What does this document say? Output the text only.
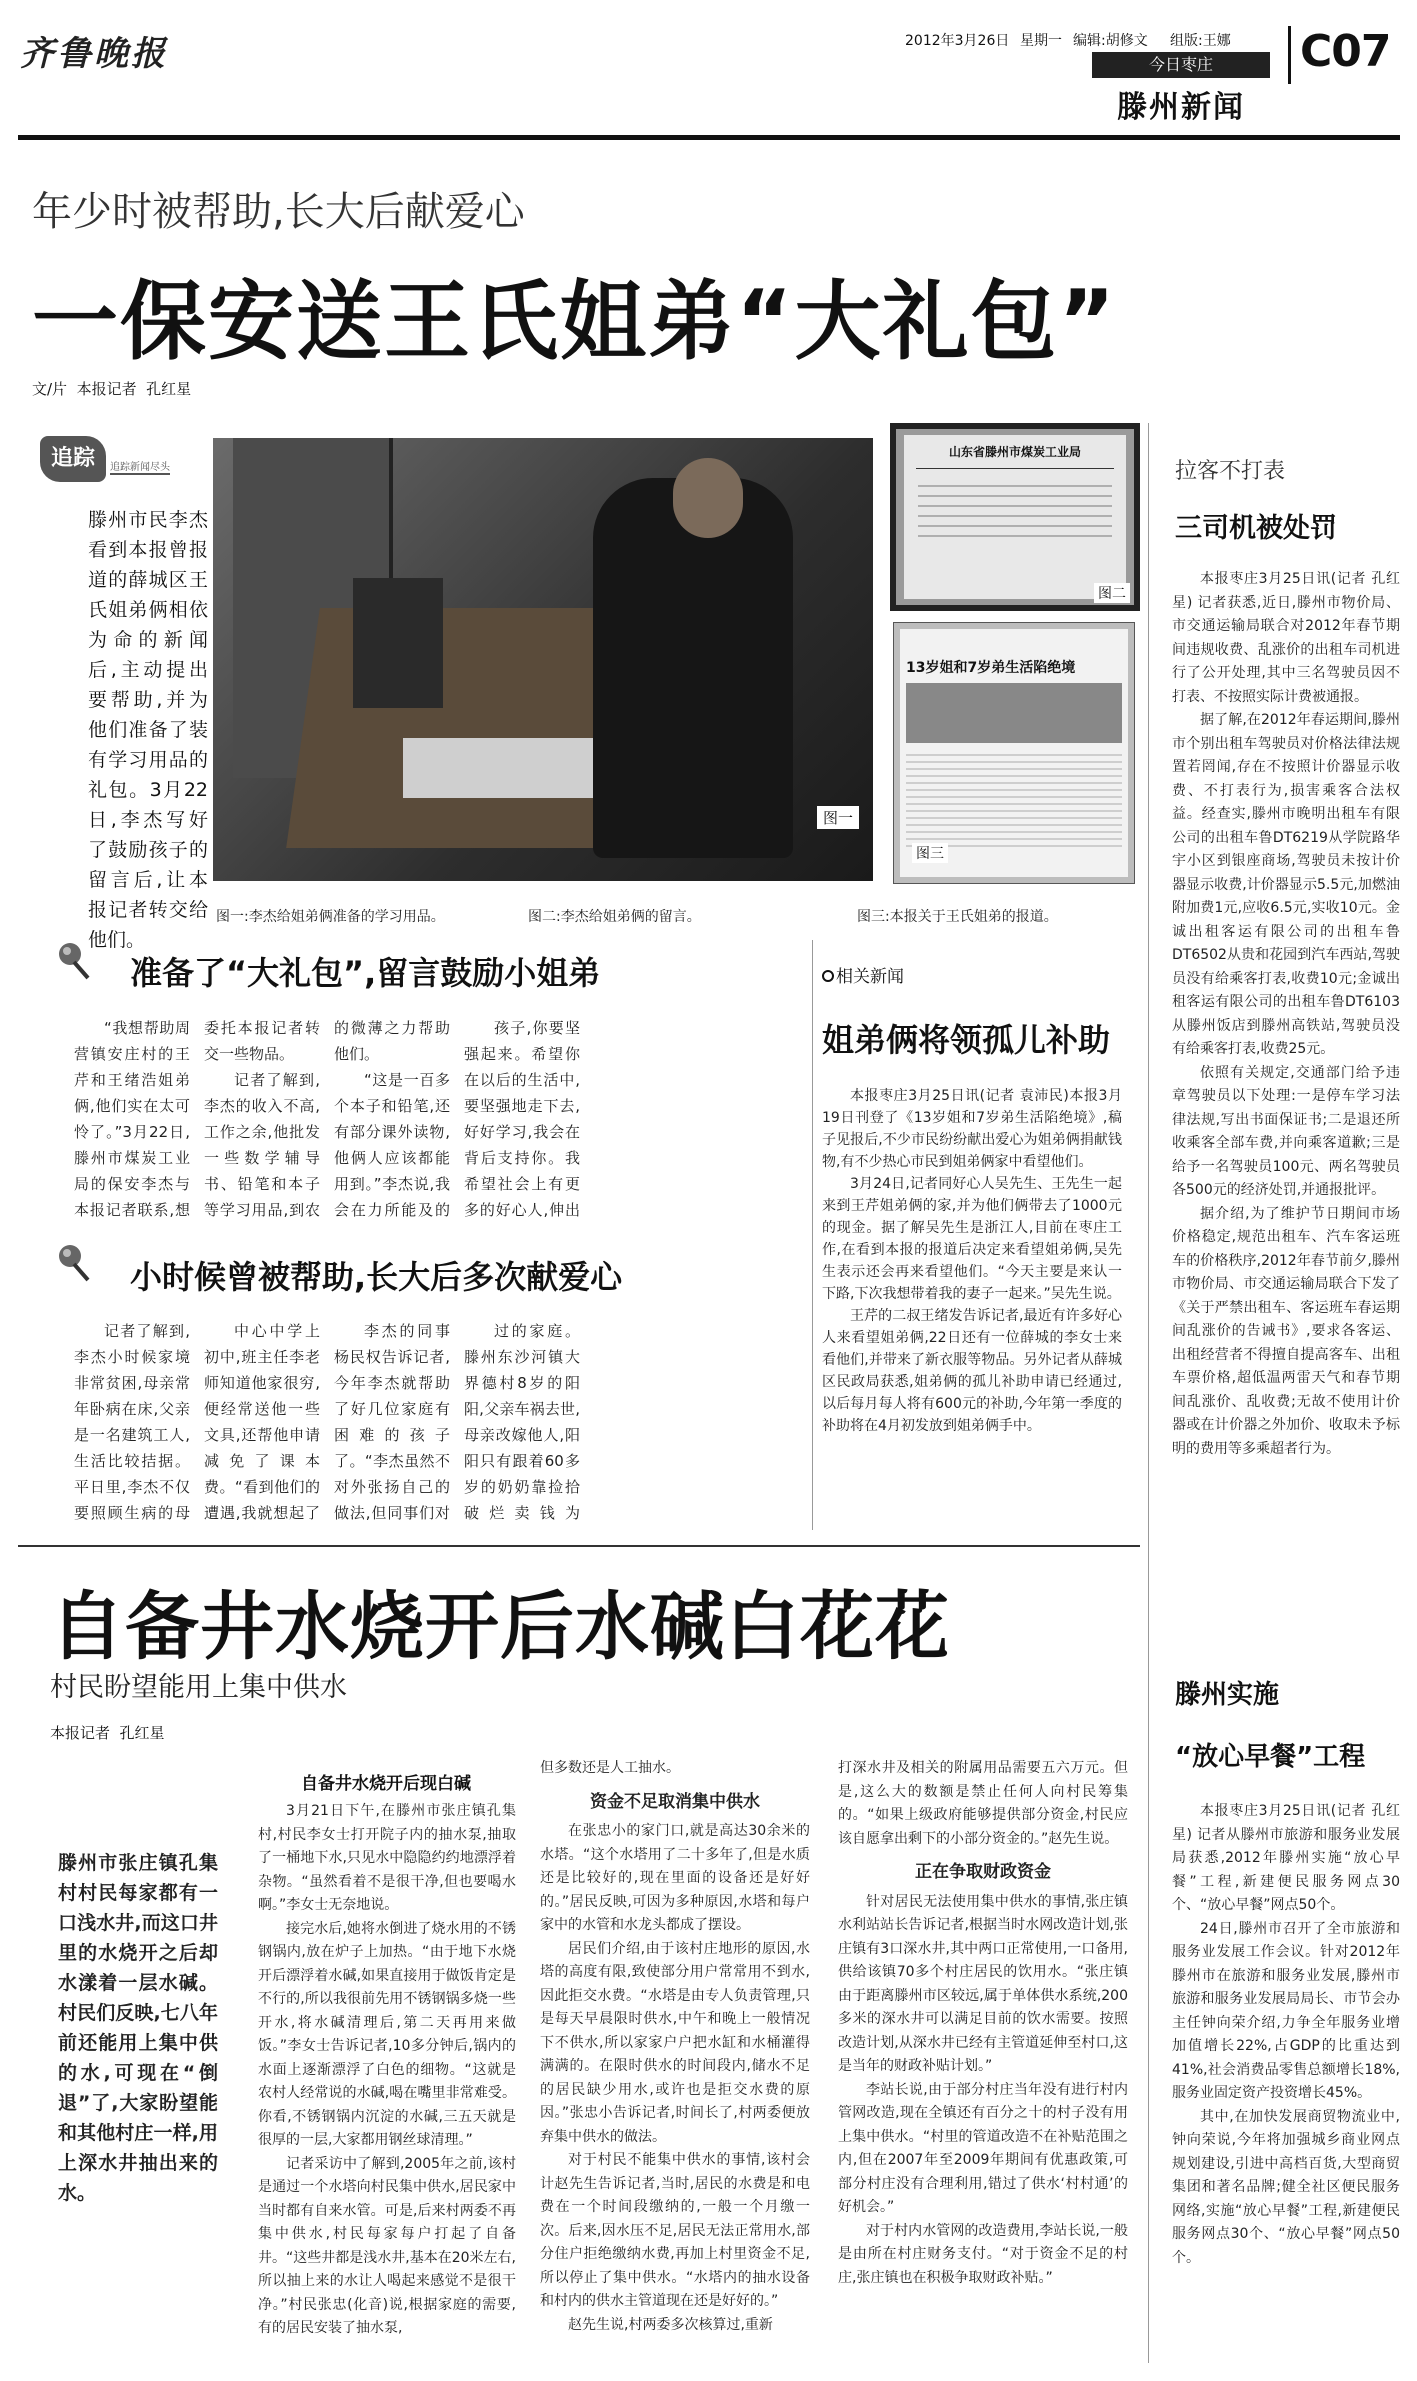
齐鲁晚报	2012年3月26日 星期一 编辑:胡修文 组版:王娜
今日枣庄
滕州新闻
C07
年少时被帮助,长大后献爱心
一保安送王氏姐弟“大礼包”
文/片  本报记者  孔红星
追踪	追踪新闻尽头
滕州市民李杰看到本报曾报道的薛城区王氏姐弟俩相依为命的新闻后,主动提出要帮助,并为他们准备了装有学习用品的礼包。3月22日,李杰写好了鼓励孩子的留言后,让本报记者转交给他们。
图一
山东省滕州市煤炭工业局
图二
13岁姐和7岁弟生活陷绝境
图三
图一:李杰给姐弟俩准备的学习用品。	图二:李杰给姐弟俩的留言。	图三:本报关于王氏姐弟的报道。
准备了“大礼包”,留言鼓励小姐弟

“我想帮助周营镇安庄村的王芹和王绪浩姐弟俩,他们实在太可怜了。”3月22日,滕州市煤炭工业局的保安李杰与本报记者联系,想

委托本报记者转交一些物品。

记者了解到,李杰的收入不高,工作之余,他批发一些数学辅导书、铅笔和本子等学习用品,到农

的微薄之力帮助他们。

“这是一百多个本子和铅笔,还有部分课外读物,他俩人应该都能用到。”李杰说,我会在力所能及的

孩子,你要坚强起来。希望你在以后的生活中,要坚强地走下去,好好学习,我会在背后支持你。我希望社会上有更多的好心人,伸出

小时候曾被帮助,长大后多次献爱心

记者了解到,李杰小时候家境非常贫困,母亲常年卧病在床,父亲是一名建筑工人,生活比较拮据。平日里,李杰不仅要照顾生病的母

中心中学上初中,班主任李老师知道他家很穷,便经常送他一些文具,还帮他申请减免了课本费。“看到他们的遭遇,我就想起了

李杰的同事杨民权告诉记者,今年李杰就帮助了好几位家庭有困难的孩子了。“李杰虽然不对外张扬自己的做法,但同事们对

过的家庭。滕州东沙河镇大界德村8岁的阳阳,父亲车祸去世,母亲改嫁他人,阳阳只有跟着60多岁的奶奶靠捡拾破烂卖钱为

相关新闻
姐弟俩将领孤儿补助

本报枣庄3月25日讯(记者 袁沛民)本报3月19日刊登了《13岁姐和7岁弟生活陷绝境》,稿子见报后,不少市民纷纷献出爱心为姐弟俩捐献钱物,有不少热心市民到姐弟俩家中看望他们。

3月24日,记者同好心人吴先生、王先生一起来到王芹姐弟俩的家,并为他们俩带去了1000元的现金。据了解吴先生是浙江人,目前在枣庄工作,在看到本报的报道后决定来看望姐弟俩,吴先生表示还会再来看望他们。“今天主要是来认一下路,下次我想带着我的妻子一起来。”吴先生说。

王芹的二叔王绪发告诉记者,最近有许多好心人来看望姐弟俩,22日还有一位薛城的李女士来看他们,并带来了新衣服等物品。另外记者从薛城区民政局获悉,姐弟俩的孤儿补助申请已经通过,以后每月每人将有600元的补助,今年第一季度的补助将在4月初发放到姐弟俩手中。

拉客不打表
三司机被处罚

本报枣庄3月25日讯(记者 孔红星) 记者获悉,近日,滕州市物价局、市交通运输局联合对2012年春节期间违规收费、乱涨价的出租车司机进行了公开处理,其中三名驾驶员因不打表、不按照实际计费被通报。

据了解,在2012年春运期间,滕州市个别出租车驾驶员对价格法律法规置若罔闻,存在不按照计价器显示收费、不打表行为,损害乘客合法权益。经查实,滕州市晚明出租车有限公司的出租车鲁DT6219从学院路华宇小区到银座商场,驾驶员未按计价器显示收费,计价器显示5.5元,加燃油附加费1元,应收6.5元,实收10元。金诚出租客运有限公司的出租车鲁DT6502从贵和花园到汽车西站,驾驶员没有给乘客打表,收费10元;金诚出租客运有限公司的出租车鲁DT6103从滕州饭店到滕州高铁站,驾驶员没有给乘客打表,收费25元。

依照有关规定,交通部门给予违章驾驶员以下处理:一是停车学习法律法规,写出书面保证书;二是退还所收乘客全部车费,并向乘客道歉;三是给予一名驾驶员100元、两名驾驶员各500元的经济处罚,并通报批评。

据介绍,为了维护节日期间市场价格稳定,规范出租车、汽车客运班车的价格秩序,2012年春节前夕,滕州市物价局、市交通运输局联合下发了《关于严禁出租车、客运班车春运期间乱涨价的告诫书》,要求各客运、出租经营者不得擅自提高客车、出租车票价格,超低温两雷天气和春节期间乱涨价、乱收费;无故不使用计价器或在计价器之外加价、收取未予标明的费用等多乘超者行为。

滕州实施
“放心早餐”工程

本报枣庄3月25日讯(记者 孔红星) 记者从滕州市旅游和服务业发展局获悉,2012年滕州实施“放心早餐”工程,新建便民服务网点30个、“放心早餐”网点50个。

24日,滕州市召开了全市旅游和服务业发展工作会议。针对2012年滕州市在旅游和服务业发展,滕州市旅游和服务业发展局局长、市节会办主任钟向荣介绍,力争全年服务业增加值增长22%,占GDP的比重达到41%,社会消费品零售总额增长18%,服务业固定资产投资增长45%。

其中,在加快发展商贸物流业中,钟向荣说,今年将加强城乡商业网点规划建设,引进中高档百货,大型商贸集团和著名品牌;健全社区便民服务网络,实施“放心早餐”工程,新建便民服务网点30个、“放心早餐”网点50个。

自备井水烧开后水碱白花花
村民盼望能用上集中供水
本报记者  孔红星
滕州市张庄镇孔集村村民每家都有一口浅水井,而这口井里的水烧开之后却水漾着一层水碱。村民们反映,七八年前还能用上集中供的水,可现在“倒退”了,大家盼望能和其他村庄一样,用上深水井抽出来的水。
自备井水烧开后现白碱

3月21日下午,在滕州市张庄镇孔集村,村民李女士打开院子内的抽水泵,抽取了一桶地下水,只见水中隐隐约约地漂浮着杂物。“虽然看着不是很干净,但也要喝水啊。”李女士无奈地说。

接完水后,她将水倒进了烧水用的不锈钢锅内,放在炉子上加热。“由于地下水烧开后漂浮着水碱,如果直接用于做饭肯定是不行的,所以我很前先用不锈钢锅多烧一些开水,将水碱清理后,第二天再用来做饭。”李女士告诉记者,10多分钟后,锅内的水面上逐渐漂浮了白色的细物。“这就是农村人经常说的水碱,喝在嘴里非常难受。你看,不锈钢锅内沉淀的水碱,三五天就是很厚的一层,大家都用钢丝球清理。”

记者采访中了解到,2005年之前,该村是通过一个水塔向村民集中供水,居民家中当时都有自来水管。可是,后来村两委不再集中供水,村民每家每户打起了自备井。“这些井都是浅水井,基本在20米左右,所以抽上来的水让人喝起来感觉不是很干净。”村民张忠(化音)说,根据家庭的需要,有的居民安装了抽水泵,

但多数还是人工抽水。

资金不足取消集中供水

在张忠小的家门口,就是高达30余米的水塔。“这个水塔用了二十多年了,但是水质还是比较好的,现在里面的设备还是好好的。”居民反映,可因为多种原因,水塔和每户家中的水管和水龙头都成了摆设。

居民们介绍,由于该村庄地形的原因,水塔的高度有限,致使部分用户常常用不到水,因此拒交水费。“水塔是由专人负责管理,只是每天早晨限时供水,中午和晚上一般情况下不供水,所以家家户户把水缸和水桶灌得满满的。在限时供水的时间段内,储水不足的居民缺少用水,或许也是拒交水费的原因。”张忠小告诉记者,时间长了,村两委便放弃集中供水的做法。

对于村民不能集中供水的事情,该村会计赵先生告诉记者,当时,居民的水费是和电费在一个时间段缴纳的,一般一个月缴一次。后来,因水压不足,居民无法正常用水,部分住户拒绝缴纳水费,再加上村里资金不足,所以停止了集中供水。“水塔内的抽水设备和村内的供水主管道现在还是好好的。”

赵先生说,村两委多次核算过,重新

打深水井及相关的附属用品需要五六万元。但是,这么大的数额是禁止任何人向村民筹集的。“如果上级政府能够提供部分资金,村民应该自愿拿出剩下的小部分资金的。”赵先生说。

正在争取财政资金

针对居民无法使用集中供水的事情,张庄镇水利站站长告诉记者,根据当时水网改造计划,张庄镇有3口深水井,其中两口正常使用,一口备用,供给该镇70多个村庄居民的饮用水。“张庄镇由于距离滕州市区较远,属于单体供水系统,200多米的深水井可以满足目前的饮水需要。按照改造计划,从深水井已经有主管道延伸至村口,这是当年的财政补贴计划。”

李站长说,由于部分村庄当年没有进行村内管网改造,现在全镇还有百分之十的村子没有用上集中供水。“村里的管道改造不在补贴范围之内,但在2007年至2009年期间有优惠政策,可部分村庄没有合理利用,错过了供水‘村村通’的好机会。”

对于村内水管网的改造费用,李站长说,一般是由所在村庄财务支付。“对于资金不足的村庄,张庄镇也在积极争取财政补贴。”
